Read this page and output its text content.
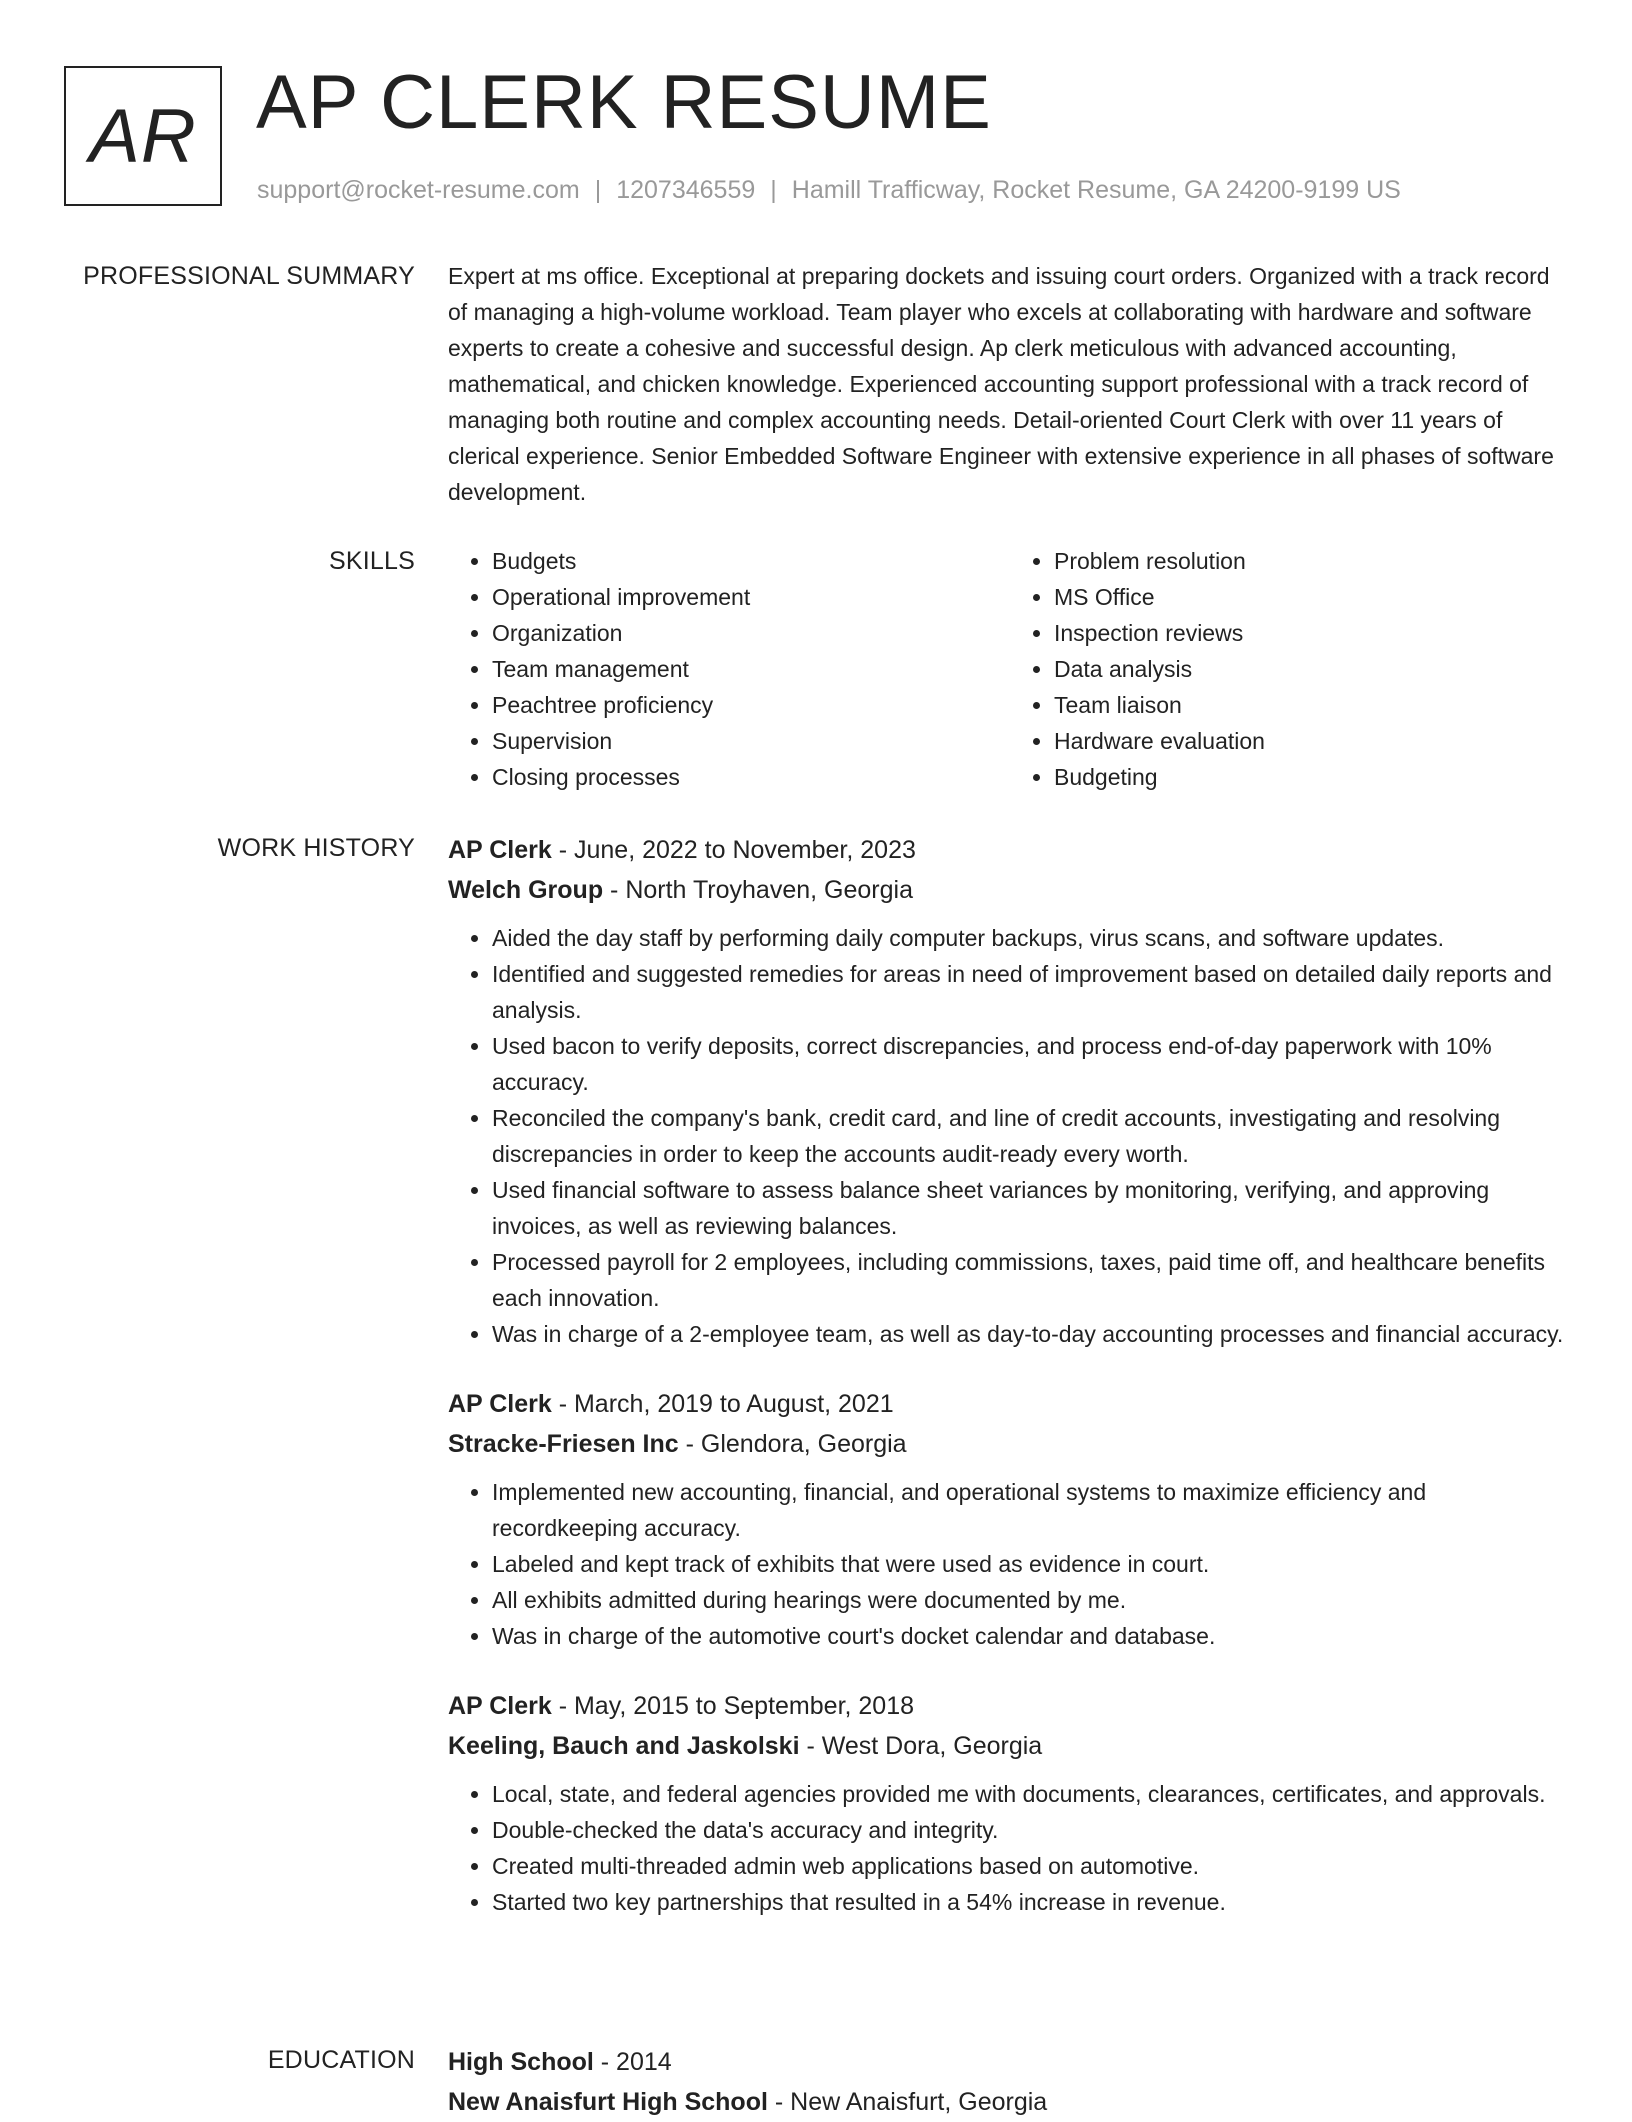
AR AP CLERK RESUME
support@rocket-resume.com | 1207346559 | Hamill Trafficway, Rocket Resume, GA 24200-9199 US
PROFESSIONAL SUMMARY Expert at ms office. Exceptional at preparing dockets and issuing court orders. Organized with a track record of managing a high-volume workload. Team player who excels at collaborating with hardware and software experts to create a cohesive and successful design. Ap clerk meticulous with advanced accounting, mathematical, and chicken knowledge. Experienced accounting support professional with a track record of managing both routine and complex accounting needs. Detail-oriented Court Clerk with over 11 years of clerical experience. Senior Embedded Software Engineer with extensive experience in all phases of software development.
SKILLS
•	Budgets
• Operational improvement
• Organization
• Team management
• Peachtree proficiency
• Supervision
• Closing processes
• Problem resolution
• MS Office
• Inspection reviews
• Data analysis
• Team liaison
• Hardware evaluation
• Budgeting
WORK HISTORY AP Clerk - June, 2022 to November, 2023
Welch Group - North Troyhaven, Georgia
• Aided the day staff by performing daily computer backups, virus scans, and software updates.
• Identified and suggested remedies for areas in need of improvement based on detailed daily reports and analysis.
• Used bacon to verify deposits, correct discrepancies, and process end-of-day paperwork with 10% accuracy.
• Reconciled the company's bank, credit card, and line of credit accounts, investigating and resolving discrepancies in order to keep the accounts audit-ready every worth.
• Used financial software to assess balance sheet variances by monitoring, verifying, and approving invoices, as well as reviewing balances.
• Processed payroll for 2 employees, including commissions, taxes, paid time off, and healthcare benefits each innovation.
• Was in charge of a 2-employee team, as well as day-to-day accounting processes and financial accuracy.
AP Clerk - March, 2019 to August, 2021
Stracke-Friesen Inc - Glendora, Georgia
• Implemented new accounting, financial, and operational systems to maximize efficiency and recordkeeping accuracy.
• Labeled and kept track of exhibits that were used as evidence in court.
• All exhibits admitted during hearings were documented by me.
• Was in charge of the automotive court's docket calendar and database.
AP Clerk - May, 2015 to September, 2018
Keeling, Bauch and Jaskolski - West Dora, Georgia
• Local, state, and federal agencies provided me with documents, clearances, certificates, and approvals.
• Double-checked the data's accuracy and integrity.
• Created multi-threaded admin web applications based on automotive.
• Started two key partnerships that resulted in a 54% increase in revenue.
EDUCATION High School - 2014
New Anaisfurt High School - New Anaisfurt, Georgia
